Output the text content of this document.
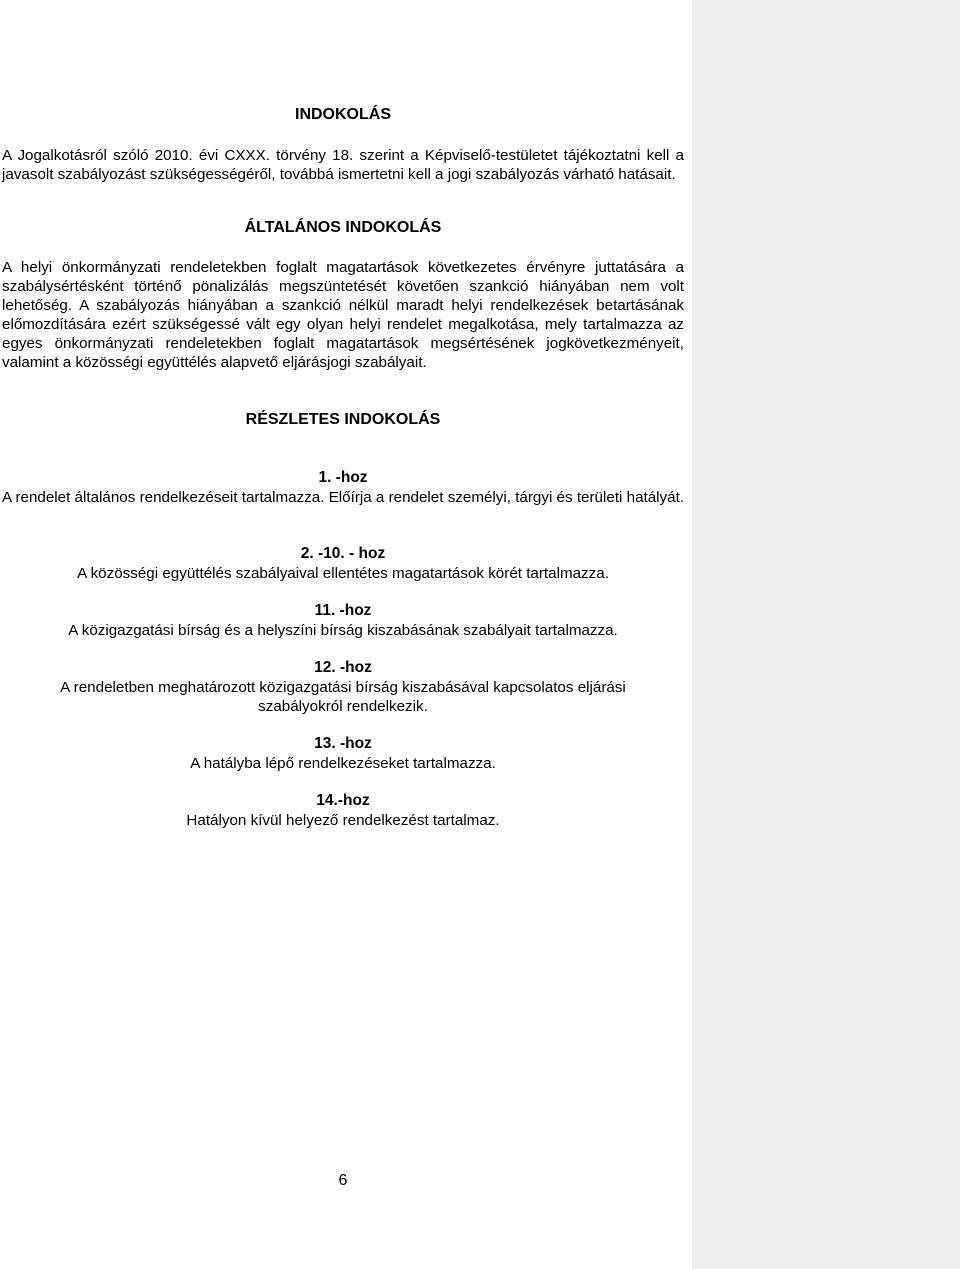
INDOKOLÁS
A Jogalkotásról szóló 2010. évi CXXX. törvény 18. szerint a Képviselő-testületet tájékoztatni kell a javasolt szabályozást szükségességéről, továbbá ismertetni kell a jogi szabályozás várható hatásait.
ÁLTALÁNOS INDOKOLÁS
A helyi önkormányzati rendeletekben foglalt magatartások következetes érvényre juttatására a szabálysértésként történő pönalizálás megszüntetését követően szankció hiányában nem volt lehetőség. A szabályozás hiányában a szankció nélkül maradt helyi rendelkezések betartásának előmozdítására ezért szükségessé vált egy olyan helyi rendelet megalkotása, mely tartalmazza az egyes önkormányzati rendeletekben foglalt magatartások megsértésének jogkövetkezményeit, valamint a közösségi együttélés alapvető eljárásjogi szabályait.
RÉSZLETES INDOKOLÁS
1. -hoz
A rendelet általános rendelkezéseit tartalmazza. Előírja a rendelet személyi, tárgyi és területi hatályát.
2. -10. - hoz
A közösségi együttélés szabályaival ellentétes magatartások körét tartalmazza.
11. -hoz
A közigazgatási bírság és a helyszíni bírság kiszabásának szabályait tartalmazza.
12. -hoz
A rendeletben meghatározott közigazgatási bírság kiszabásával kapcsolatos eljárási szabályokról rendelkezik.
13. -hoz
A hatályba lépő rendelkezéseket tartalmazza.
14.-hoz
Hatályon kívül helyező rendelkezést tartalmaz.
6
